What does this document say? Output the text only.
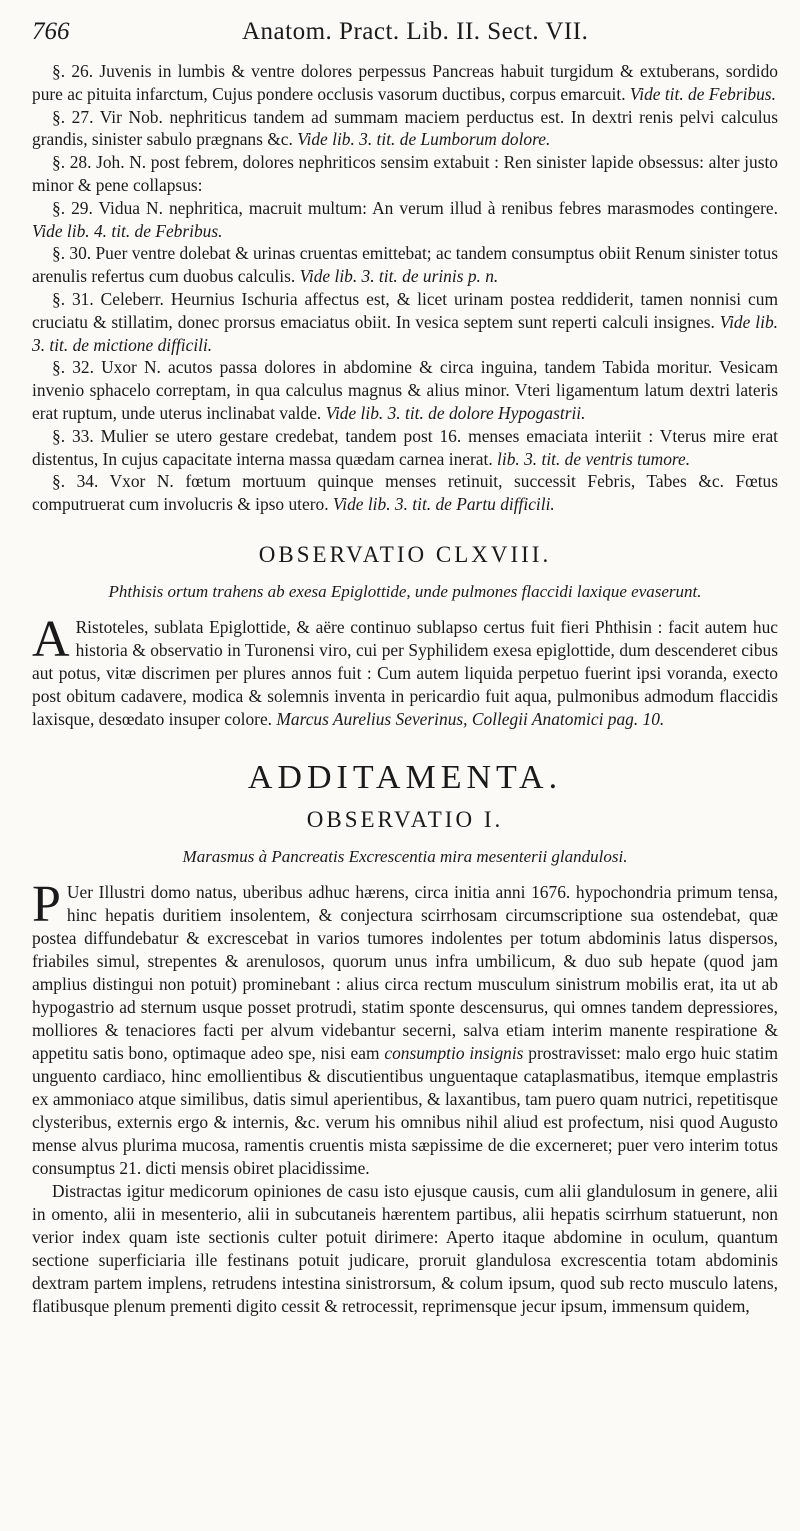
766	Anatom. Pract. Lib. II. Sect. VII.

§. 26. Juvenis in lumbis & ventre dolores perpessus Pancreas habuit turgidum & extuberans, sordido pure ac pituita infarctum, Cujus pondere occlusis vasorum ductibus, corpus emarcuit. Vide tit. de Febribus.

§. 27. Vir Nob. nephriticus tandem ad summam maciem perductus est. In dextri renis pelvi calculus grandis, sinister sabulo prægnans &c. Vide lib. 3. tit. de Lumborum dolore.

§. 28. Joh. N. post febrem, dolores nephriticos sensim extabuit : Ren sinister lapide obsessus: alter justo minor & pene collapsus:

§. 29. Vidua N. nephritica, macruit multum: An verum illud à renibus febres marasmodes contingere. Vide lib. 4. tit. de Febribus.

§. 30. Puer ventre dolebat & urinas cruentas emittebat; ac tandem consumptus obiit Renum sinister totus arenulis refertus cum duobus calculis. Vide lib. 3. tit. de urinis p. n.

§. 31. Celeberr. Heurnius Ischuria affectus est, & licet urinam postea reddiderit, tamen nonnisi cum cruciatu & stillatim, donec prorsus emaciatus obiit. In vesica septem sunt reperti calculi insignes. Vide lib. 3. tit. de mictione difficili.

§. 32. Uxor N. acutos passa dolores in abdomine & circa inguina, tandem Tabida moritur. Vesicam invenio sphacelo correptam, in qua calculus magnus & alius minor. Vteri ligamentum latum dextri lateris erat ruptum, unde uterus inclinabat valde. Vide lib. 3. tit. de dolore Hypogastrii.

§. 33. Mulier se utero gestare credebat, tandem post 16. menses emaciata interiit : Vterus mire erat distentus, In cujus capacitate interna massa quædam carnea inerat. lib. 3. tit. de ventris tumore.

§. 34. Vxor N. fœtum mortuum quinque menses retinuit, successit Febris, Tabes &c. Fœtus computruerat cum involucris & ipso utero. Vide lib. 3. tit. de Partu difficili.

OBSERVATIO CLXVIII.

Phthisis ortum trahens ab exesa Epiglottide, unde pulmones flaccidi laxique evaserunt.

A Ristoteles, sublata Epiglottide, & aëre continuo sublapso certus fuit fieri Phthisin : facit autem huc historia & observatio in Turonensi viro, cui per Syphilidem exesa epiglottide, dum descenderet cibus aut potus, vitæ discrimen per plures annos fuit : Cum autem liquida perpetuo fuerint ipsi voranda, execto post obitum cadavere, modica & solemnis inventa in pericardio fuit aqua, pulmonibus admodum flaccidis laxisque, desœdato insuper colore. Marcus Aurelius Severinus, Collegii Anatomici pag. 10.

ADDITAMENTA.
OBSERVATIO I.

Marasmus à Pancreatis Excrescentia mira mesenterii glandulosi.

P Uer Illustri domo natus, uberibus adhuc hærens, circa initia anni 1676. hypochondria primum tensa, hinc hepatis duritiem insolentem, & conjectura scirrhosam circumscriptione sua ostendebat, quæ postea diffundebatur & excrescebat in varios tumores indolentes per totum abdominis latus dispersos, friabiles simul, strepentes & arenulosos, quorum unus infra umbilicum, & duo sub hepate (quod jam amplius distingui non potuit) prominebant : alius circa rectum musculum sinistrum mobilis erat, ita ut ab hypogastrio ad sternum usque posset protrudi, statim sponte descensurus, qui omnes tandem depressiores, molliores & tenaciores facti per alvum videbantur secerni, salva etiam interim manente respiratione & appetitu satis bono, optimaque adeo spe, nisi eam consumptio insignis prostravisset: malo ergo huic statim unguento cardiaco, hinc emollientibus & discutientibus unguentaque cataplasmatibus, itemque emplastris ex ammoniaco atque similibus, datis simul aperientibus, & laxantibus, tam puero quam nutrici, repetitisque clysteribus, externis ergo & internis, &c. verum his omnibus nihil aliud est profectum, nisi quod Augusto mense alvus plurima mucosa, ramentis cruentis mista sæpissime de die excerneret; puer vero interim totus consumptus 21. dicti mensis obiret placidissime.

Distractas igitur medicorum opiniones de casu isto ejusque causis, cum alii glandulosum in genere, alii in omento, alii in mesenterio, alii in subcutaneis hærentem partibus, alii hepatis scirrhum statuerunt, non verior index quam iste sectionis culter potuit dirimere: Aperto itaque abdomine in oculum, quantum sectione superficiaria ille festinans potuit judicare, proruit glandulosa excrescentia totam abdominis dextram partem implens, retrudens intestina sinistrorsum, & colum ipsum, quod sub recto musculo latens, flatibusque plenum prementi digito cessit & retrocessit, reprimensque jecur ipsum, immensum quidem,
